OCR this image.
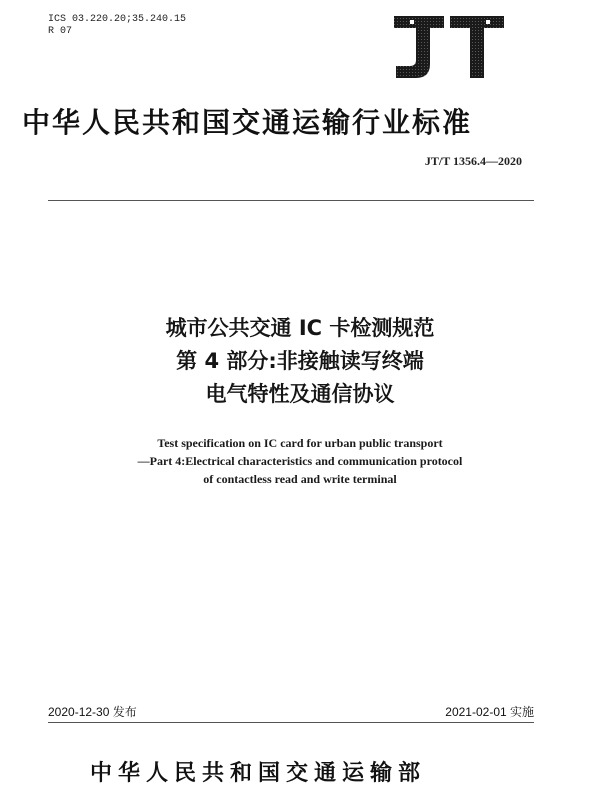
ICS 03.220.20;35.240.15
R 07
中华人民共和国交通运输行业标准
JT/T 1356.4—2020
城市公共交通 IC 卡检测规范
第 4 部分:非接触读写终端
电气特性及通信协议
Test specification on IC card for urban public transport
—Part 4:Electrical characteristics and communication protocol
of contactless read and write terminal
2020-12-30 发布	2021-02-01 实施
中华人民共和国交通运输部
